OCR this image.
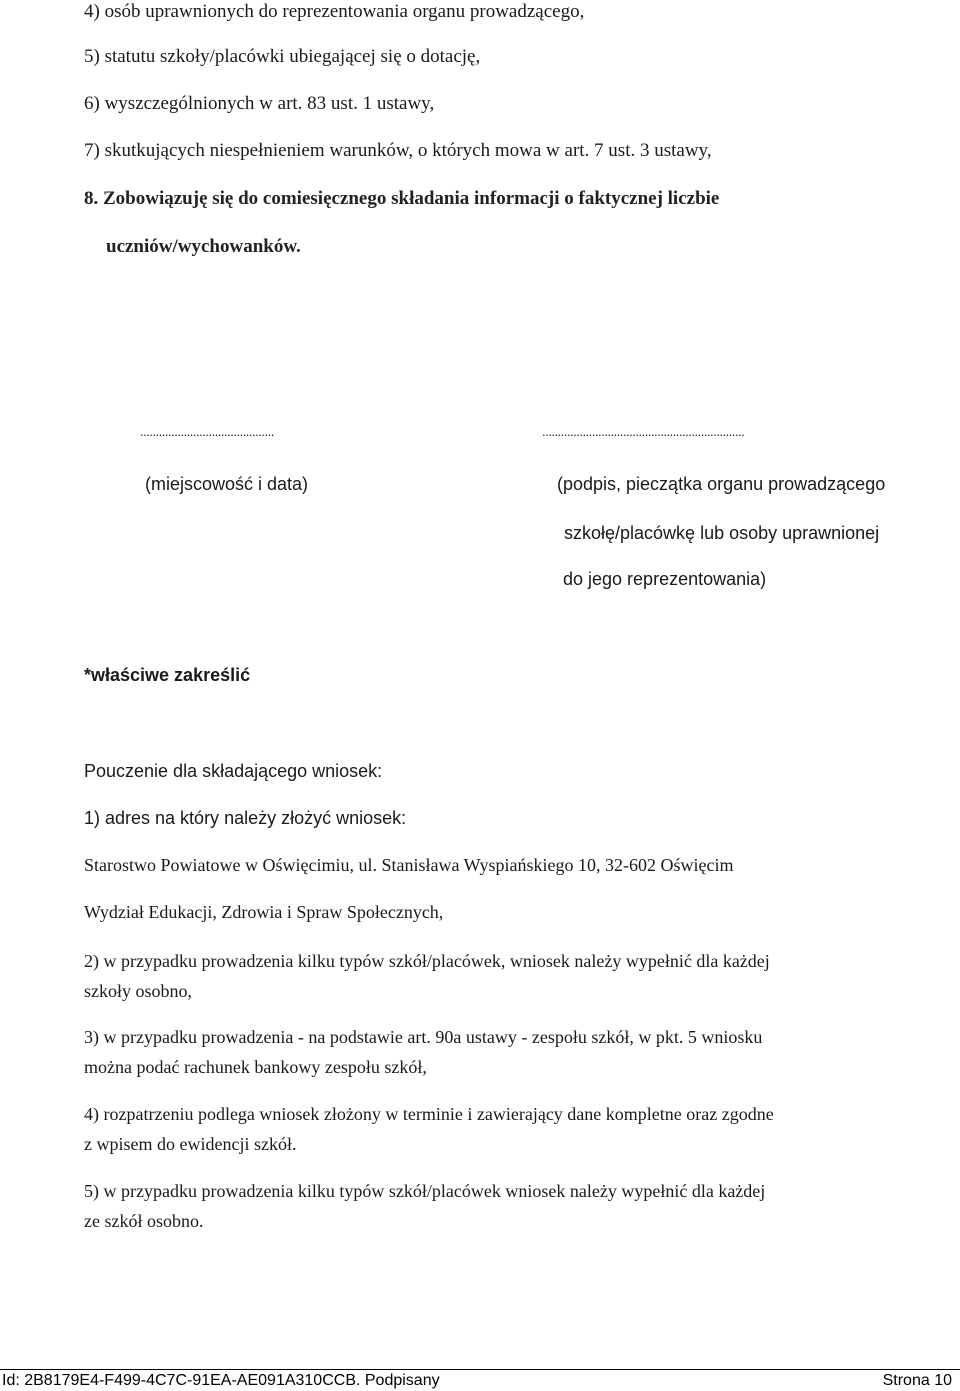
4) osób uprawnionych do reprezentowania organu prowadzącego,
5) statutu szkoły/placówki ubiegającej się o dotację,
6) wyszczególnionych w art. 83 ust. 1 ustawy,
7) skutkujących niespełnieniem warunków, o których mowa w art. 7 ust. 3 ustawy,
8. Zobowiązuję się do comiesięcznego składania informacji o faktycznej liczbie
uczniów/wychowanków.
...........................................	.................................................................
(miejscowość i data)	(podpis, pieczątka organu prowadzącego
szkołę/placówkę lub osoby uprawnionej
do jego reprezentowania)
*właściwe zakreślić
Pouczenie dla składającego wniosek:
1) adres na który należy złożyć wniosek:
Starostwo Powiatowe w Oświęcimiu, ul. Stanisława Wyspiańskiego 10, 32-602 Oświęcim
Wydział Edukacji, Zdrowia i Spraw Społecznych,
2) w przypadku prowadzenia kilku typów szkół/placówek, wniosek należy wypełnić dla każdej
szkoły osobno,
3) w przypadku prowadzenia - na podstawie art. 90a ustawy - zespołu szkół, w pkt. 5 wniosku
można podać rachunek bankowy zespołu szkół,
4) rozpatrzeniu podlega wniosek złożony w terminie i zawierający dane kompletne oraz zgodne
z wpisem do ewidencji szkół.
5) w przypadku prowadzenia kilku typów szkół/placówek wniosek należy wypełnić dla każdej
ze szkół osobno.
Id: 2B8179E4-F499-4C7C-91EA-AE091A310CCB. Podpisany	Strona 10
